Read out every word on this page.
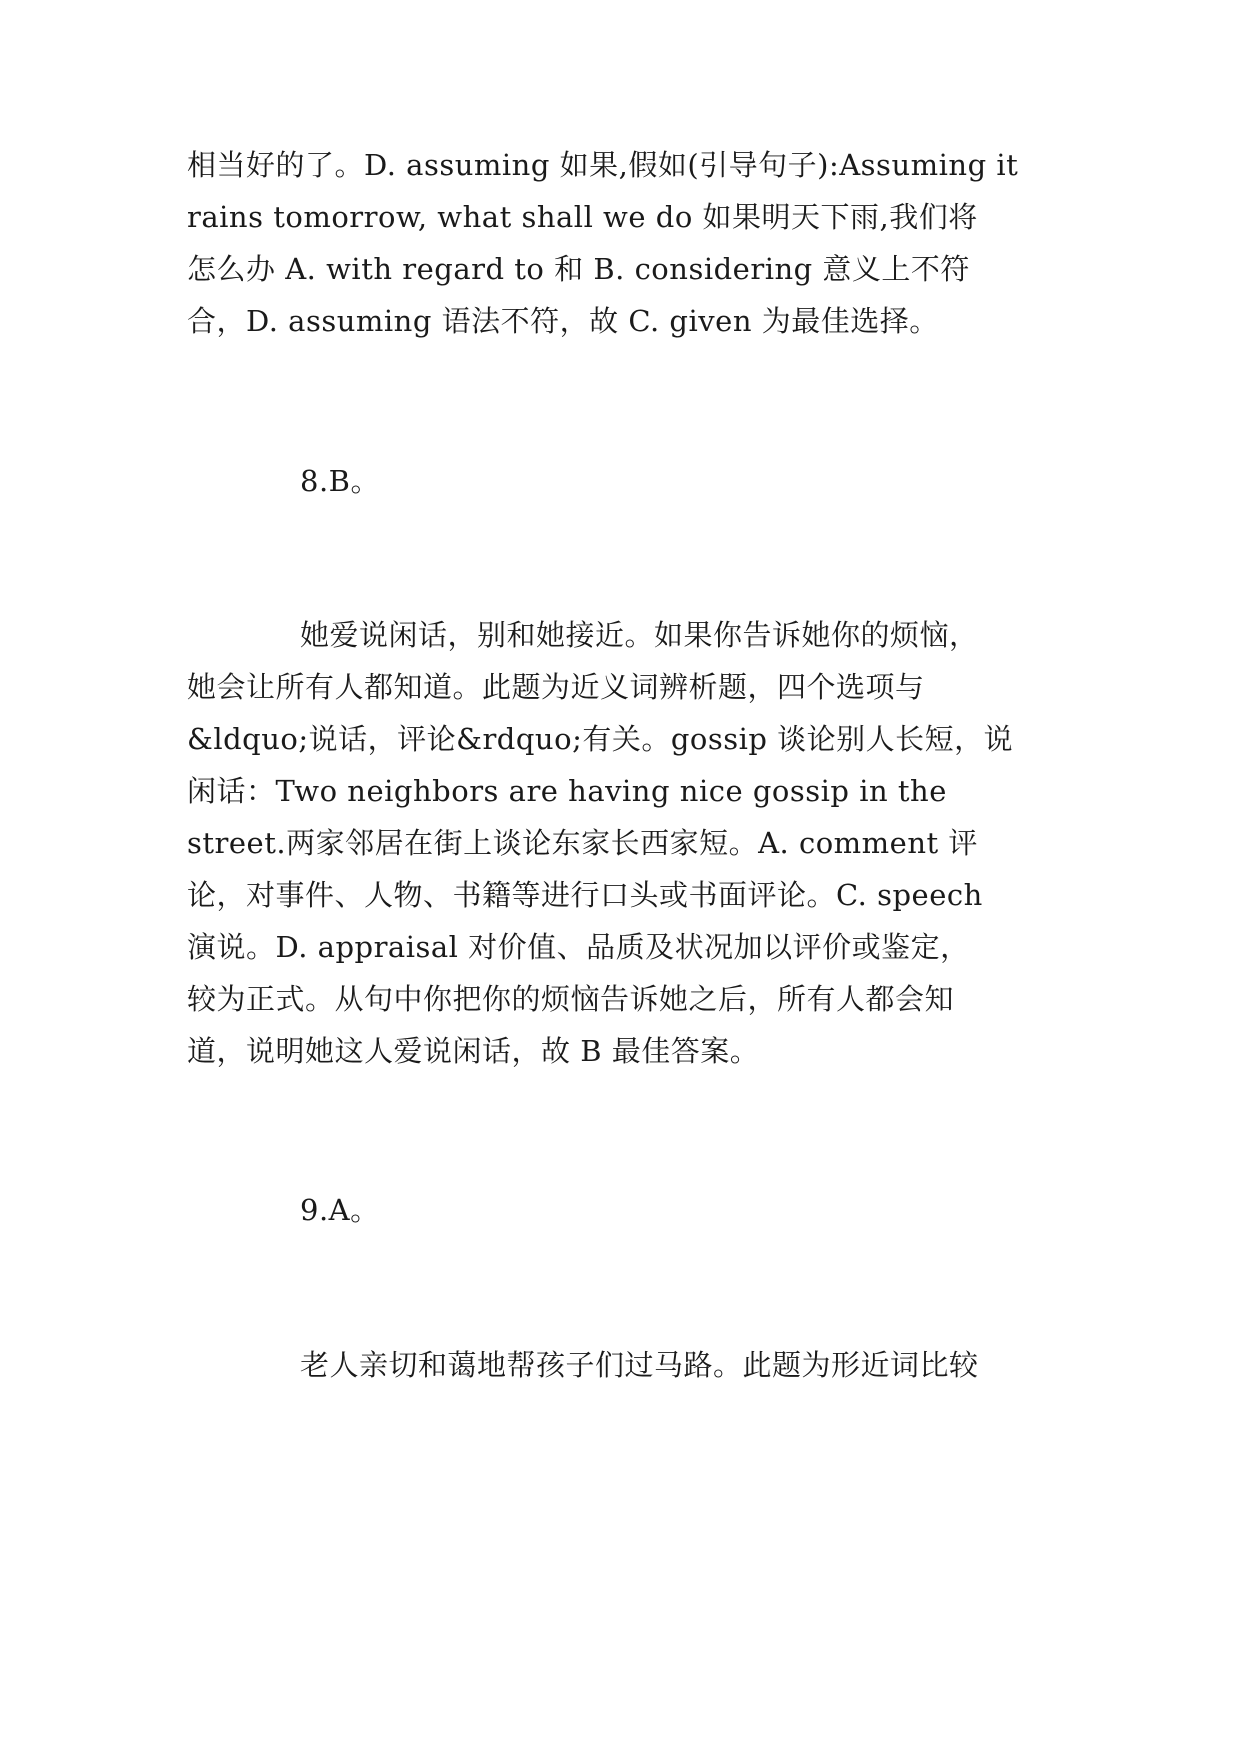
相当好的了。D. assuming 如果,假如(引导句子):Assuming it
rains tomorrow, what shall we do 如果明天下雨,我们将
怎么办 A. with regard to 和 B. considering 意义上不符
合，D. assuming 语法不符，故 C. given 为最佳选择。
8.B。
她爱说闲话，别和她接近。如果你告诉她你的烦恼，
她会让所有人都知道。此题为近义词辨析题，四个选项与
&ldquo;说话，评论&rdquo;有关。gossip 谈论别人长短，说
闲话：Two neighbors are having nice gossip in the
street.两家邻居在街上谈论东家长西家短。A. comment 评
论，对事件、人物、书籍等进行口头或书面评论。C. speech
演说。D. appraisal 对价值、品质及状况加以评价或鉴定，
较为正式。从句中你把你的烦恼告诉她之后，所有人都会知
道，说明她这人爱说闲话，故 B 最佳答案。
9.A。
老人亲切和蔼地帮孩子们过马路。此题为形近词比较
